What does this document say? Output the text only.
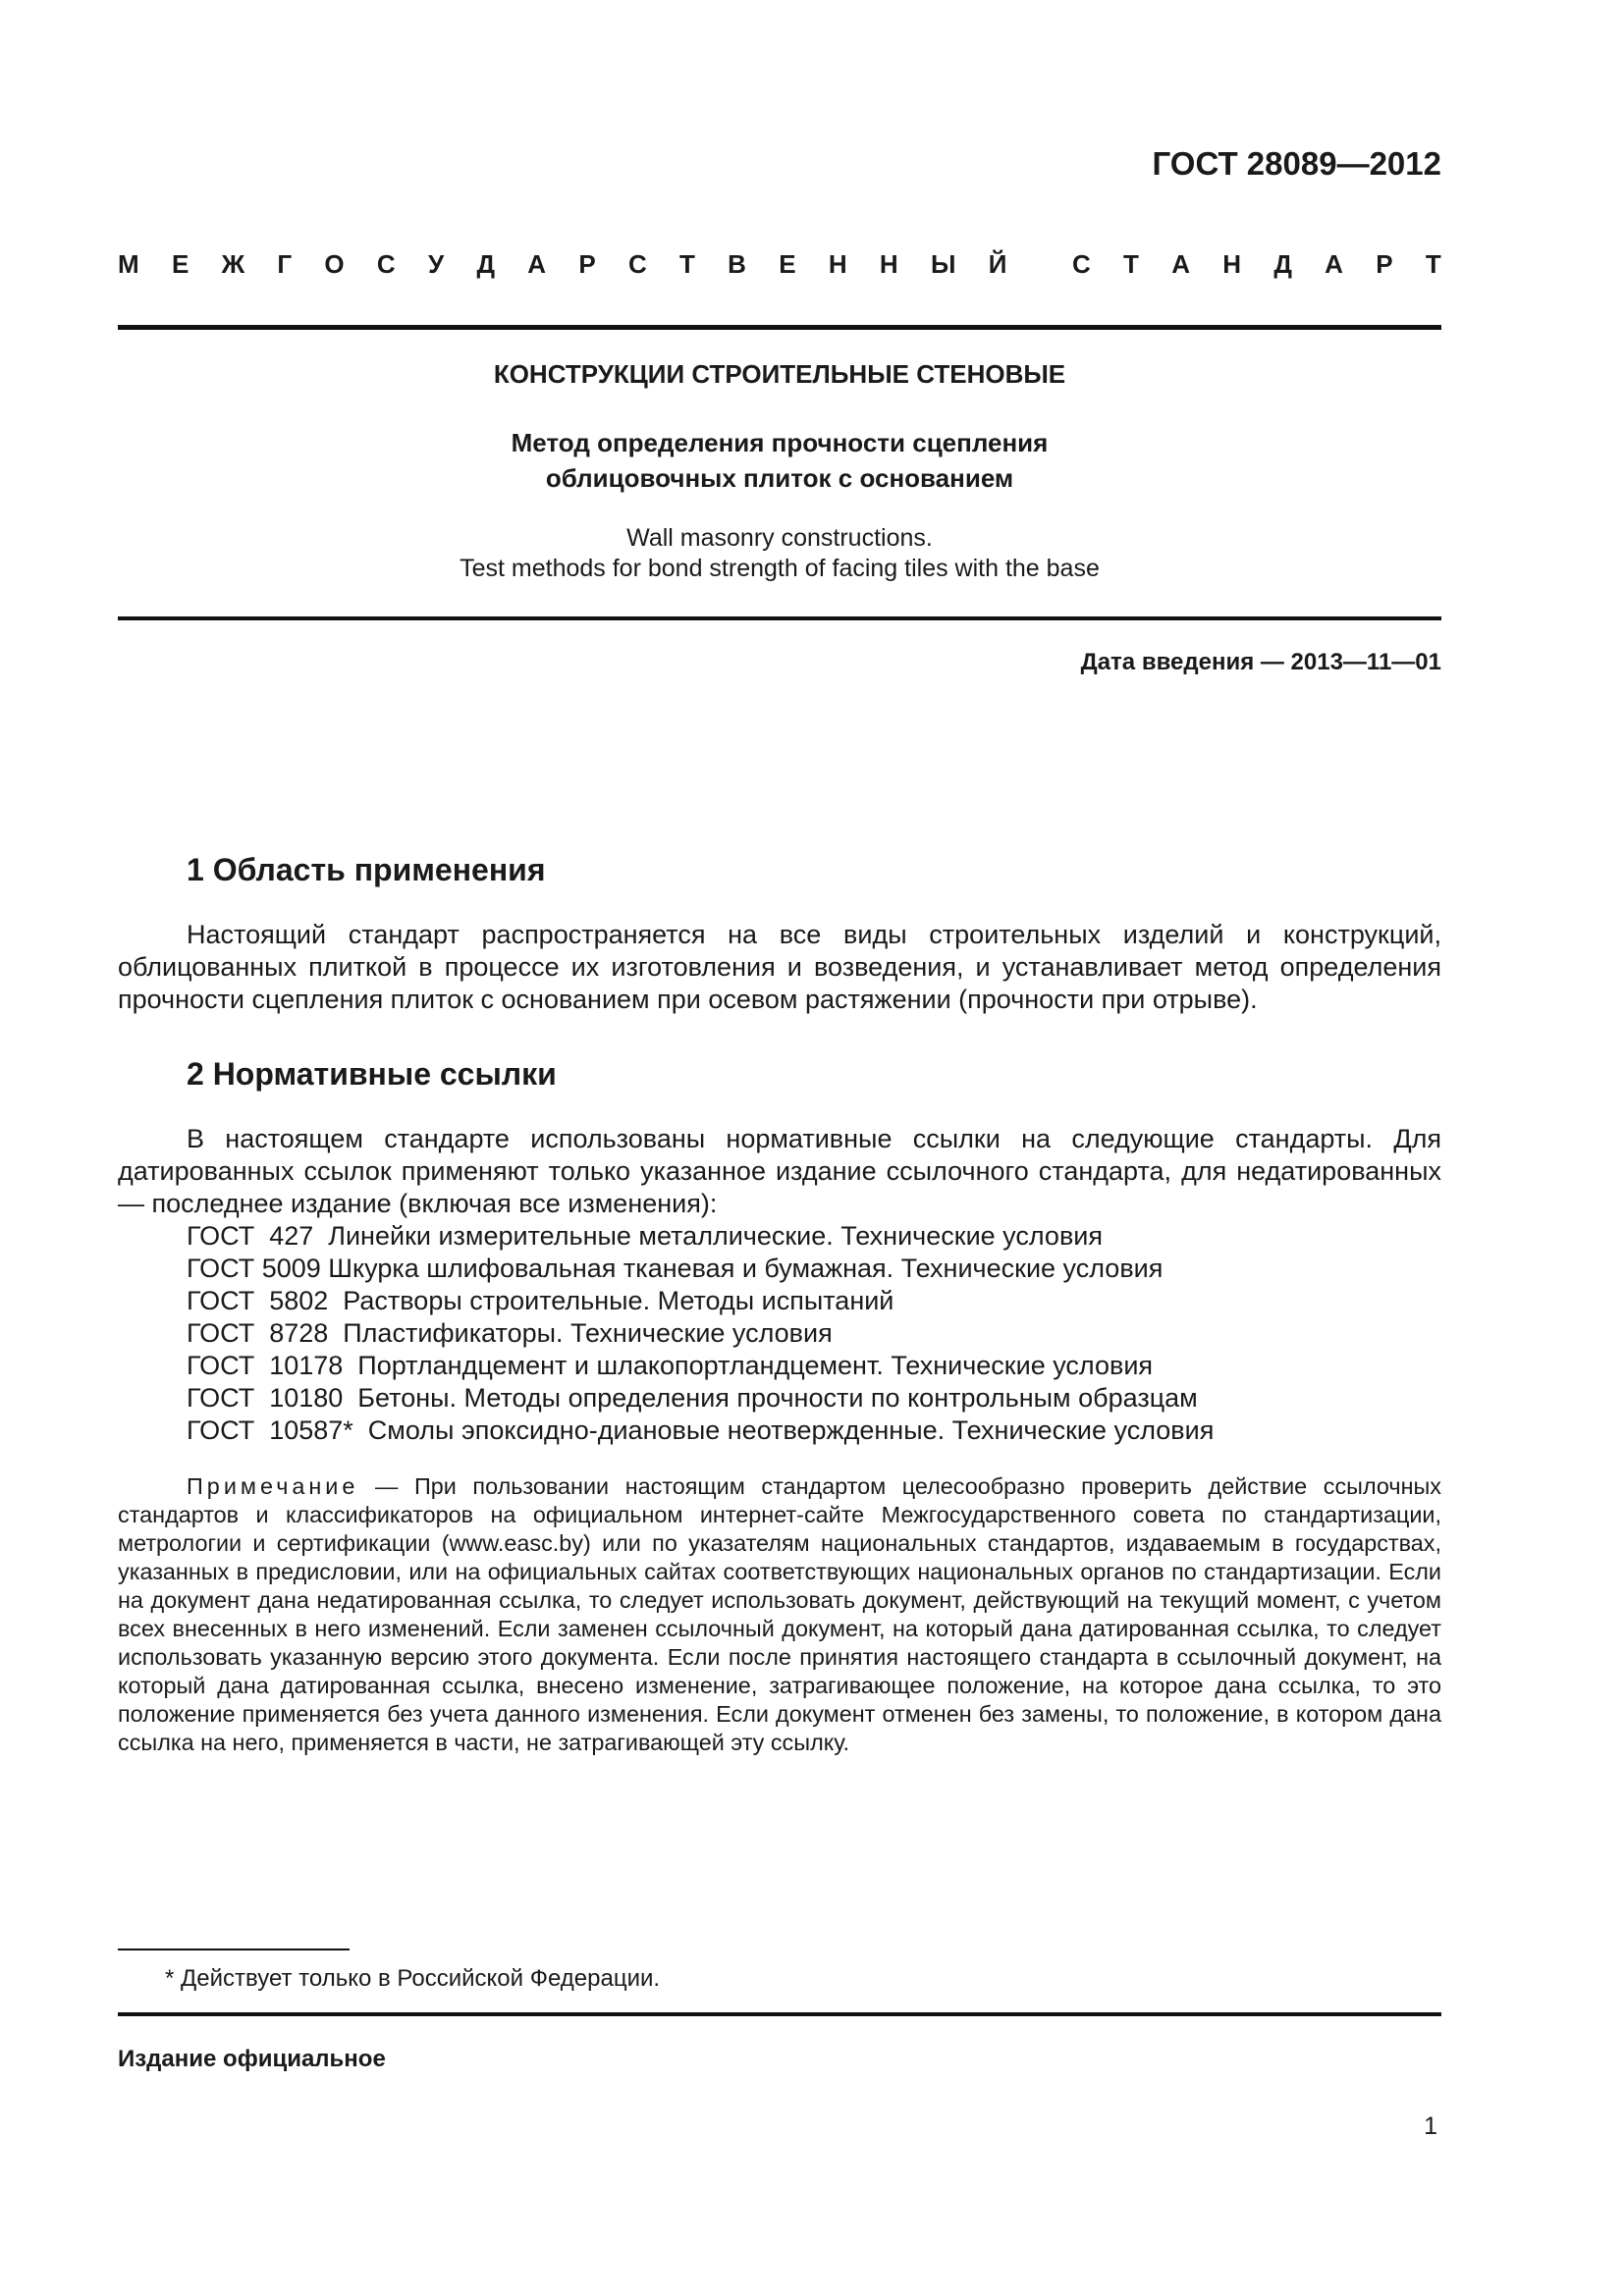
ГОСТ 28089—2012
М Е Ж Г О С У Д А Р С Т В Е Н Н Ы Й	С Т А Н Д А Р Т
КОНСТРУКЦИИ СТРОИТЕЛЬНЫЕ СТЕНОВЫЕ
Метод определения прочности сцепления
облицовочных плиток с основанием
Wall masonry constructions.
Test methods for bond strength of facing tiles with the base
Дата введения — 2013—11—01
1 Область применения
Настоящий стандарт распространяется на все виды строительных изделий и конструкций, облицованных плиткой в процессе их изготовления и возведения, и устанавливает метод определения прочности сцепления плиток с основанием при осевом растяжении (прочности при отрыве).
2 Нормативные ссылки
В настоящем стандарте использованы нормативные ссылки на следующие стандарты. Для датированных ссылок применяют только указанное издание ссылочного стандарта, для недатированных — последнее издание (включая все изменения):
ГОСТ  427  Линейки измерительные металлические. Технические условия
ГОСТ 5009 Шкурка шлифовальная тканевая и бумажная. Технические условия
ГОСТ  5802  Растворы строительные. Методы испытаний
ГОСТ  8728  Пластификаторы. Технические условия
ГОСТ  10178  Портландцемент и шлакопортландцемент. Технические условия
ГОСТ  10180  Бетоны. Методы определения прочности по контрольным образцам
ГОСТ  10587*  Смолы эпоксидно-диановые неотвержденные. Технические условия
Примечание — При пользовании настоящим стандартом целесообразно проверить действие ссылочных стандартов и классификаторов на официальном интернет-сайте Межгосударственного совета по стандартизации, метрологии и сертификации (www.easc.by) или по указателям национальных стандартов, издаваемым в государствах, указанных в предисловии, или на официальных сайтах соответствующих национальных органов по стандартизации. Если на документ дана недатированная ссылка, то следует использовать документ, действующий на текущий момент, с учетом всех внесенных в него изменений. Если заменен ссылочный документ, на который дана датированная ссылка, то следует использовать указанную версию этого документа. Если после принятия настоящего стандарта в ссылочный документ, на который дана датированная ссылка, внесено изменение, затрагивающее положение, на которое дана ссылка, то это положение применяется без учета данного изменения. Если документ отменен без замены, то положение, в котором дана ссылка на него, применяется в части, не затрагивающей эту ссылку.
* Действует только в Российской Федерации.
Издание официальное
1
